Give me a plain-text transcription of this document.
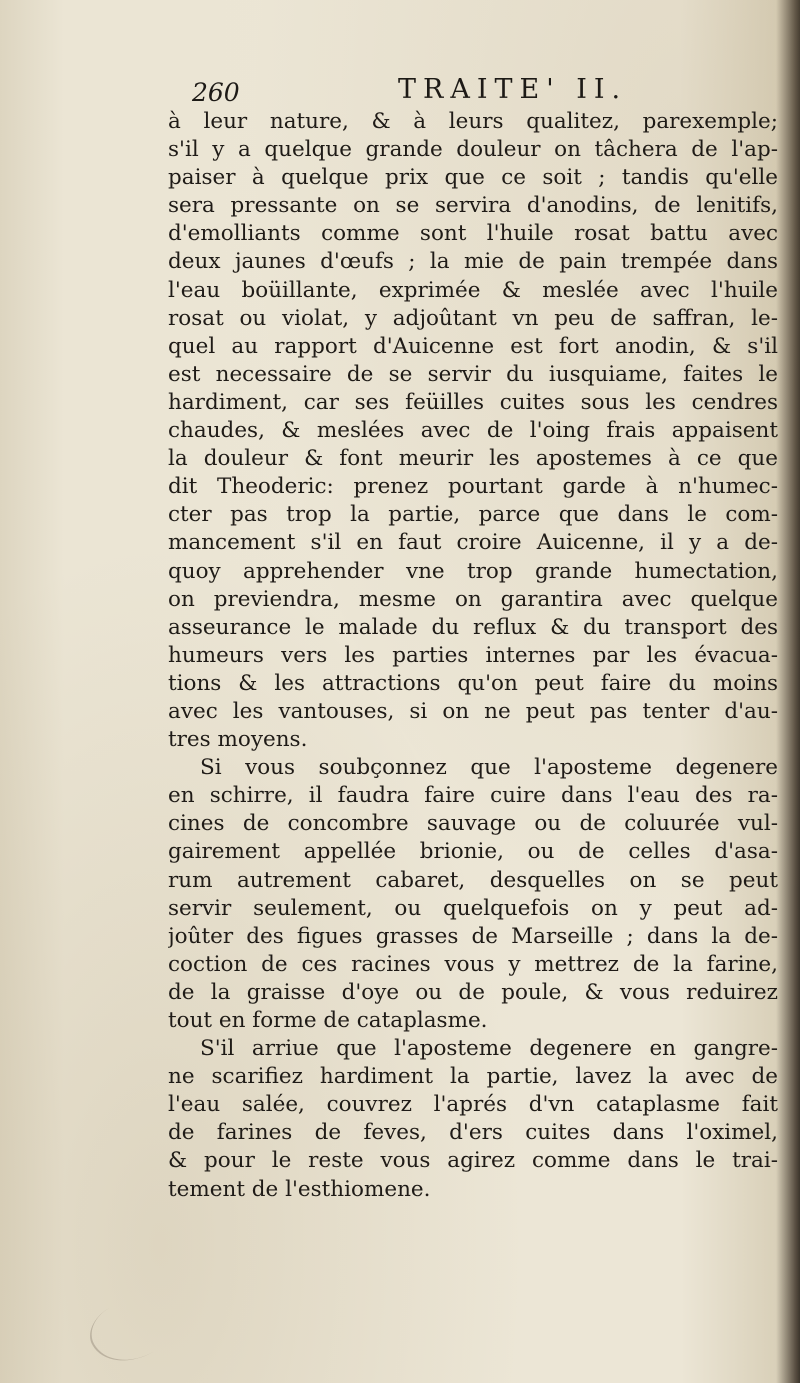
260	TRAITE' II.
à leur nature, & à leurs qualitez, parexemple;
s'il y a quelque grande douleur on tâchera de l'ap-
paiser à quelque prix que ce soit ; tandis qu'elle
sera pressante on se servira d'anodins, de lenitifs,
d'emolliants comme sont l'huile rosat battu avec
deux jaunes d'œufs ; la mie de pain trempée dans
l'eau boüillante, exprimée & meslée avec l'huile
rosat ou violat, y adjoûtant vn peu de saffran, le-
quel au rapport d'Auicenne est fort anodin, & s'il
est necessaire de se servir du iusquiame, faites le
hardiment, car ses feüilles cuites sous les cendres
chaudes, & meslées avec de l'oing frais appaisent
la douleur & font meurir les apostemes à ce que
dit Theoderic: prenez pourtant garde à n'humec-
cter pas trop la partie, parce que dans le com-
mancement s'il en faut croire Auicenne, il y a de-
quoy apprehender vne trop grande humectation,
on previendra, mesme on garantira avec quelque
asseurance le malade du reflux & du transport des
humeurs vers les parties internes par les évacua-
tions & les attractions qu'on peut faire du moins
avec les vantouses, si on ne peut pas tenter d'au-
tres moyens.
Si vous soubçonnez que l'aposteme degenere
en schirre, il faudra faire cuire dans l'eau des ra-
cines de concombre sauvage ou de coluurée vul-
gairement appellée brionie, ou de celles d'asa-
rum autrement cabaret, desquelles on se peut
servir seulement, ou quelquefois on y peut ad-
joûter des figues grasses de Marseille ; dans la de-
coction de ces racines vous y mettrez de la farine,
de la graisse d'oye ou de poule, & vous reduirez
tout en forme de cataplasme.
S'il arriue que l'aposteme degenere en gangre-
ne scarifiez hardiment la partie, lavez la avec de
l'eau salée, couvrez l'aprés d'vn cataplasme fait
de farines de feves, d'ers cuites dans l'oximel,
& pour le reste vous agirez comme dans le trai-
tement de l'esthiomene.
